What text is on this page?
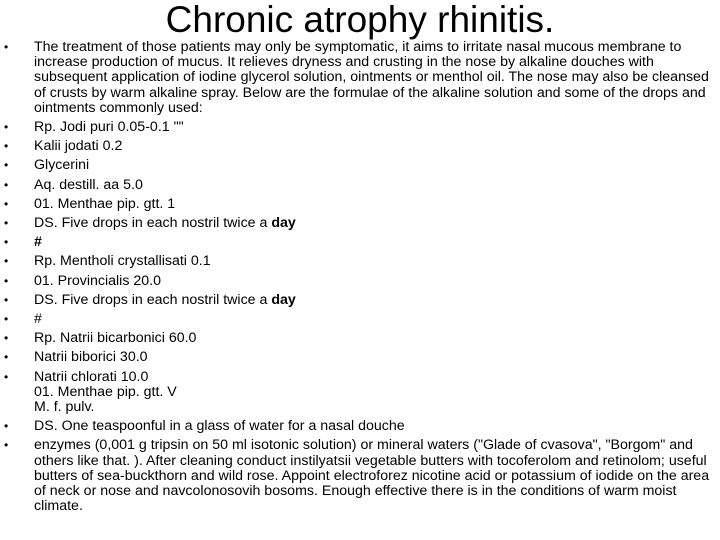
Chronic atrophy rhinitis.
• The treatment of those patients may only be symptomatic, it aims to irritate nasal mucous membrane to increase production of mucus. It relieves dryness and crusting in the nose by alkaline douches with subsequent application of iodine glycerol solution, ointments or menthol oil. The nose may also be cleansed of crusts by warm alkaline spray. Below are the formulae of the alkaline solution and some of the drops and ointments commonly used:
• Rp. Jodi puri 0.05-0.1 ""
• Kalii jodati 0.2
• Glycerini
• Aq. destill. aa 5.0
• 01. Menthae pip. gtt. 1
• DS. Five drops in each nostril twice a day
• #
• Rp. Mentholi crystallisati 0.1
• 01. Provincialis 20.0
• DS. Five drops in each nostril twice a day
• #
• Rp. Natrii bicarbonici 60.0
• Natrii biborici 30.0
• Natrii chlorati 10.0
01. Menthae pip. gtt. V
M. f. pulv.
• DS. One teaspoonful in a glass of water for a nasal douche
• enzymes (0,001 g tripsin on 50 ml isotonic solution) or mineral waters ("Glade of cvasova", "Borgom" and others like that. ). After cleaning conduct instilyatsii vegetable butters with tocoferolom and retinolom; useful butters of sea-buckthorn and wild rose. Appoint electroforez nicotine acid or potassium of iodide on the area of neck or nose and navcolonosovih bosoms. Enough effective there is in the conditions of warm moist climate.
